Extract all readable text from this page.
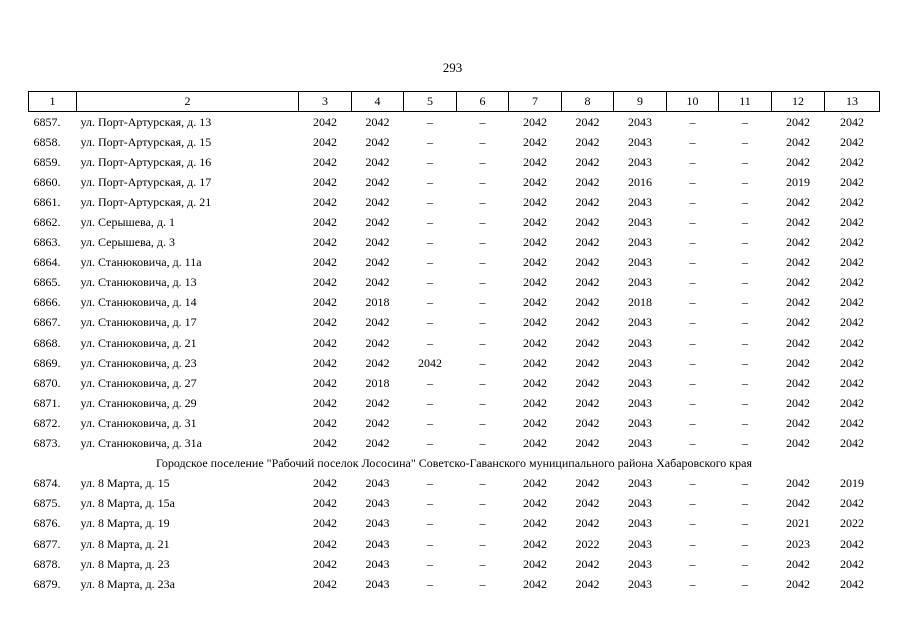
293
1	2	3	4	5	6	7	8	9	10	11	12	13
6857.	ул. Порт-Артурская, д. 13	2042	2042	–	–	2042	2042	2043	–	–	2042	2042
6858.	ул. Порт-Артурская, д. 15	2042	2042	–	–	2042	2042	2043	–	–	2042	2042
6859.	ул. Порт-Артурская, д. 16	2042	2042	–	–	2042	2042	2043	–	–	2042	2042
6860.	ул. Порт-Артурская, д. 17	2042	2042	–	–	2042	2042	2016	–	–	2019	2042
6861.	ул. Порт-Артурская, д. 21	2042	2042	–	–	2042	2042	2043	–	–	2042	2042
6862.	ул. Серышева, д. 1	2042	2042	–	–	2042	2042	2043	–	–	2042	2042
6863.	ул. Серышева, д. 3	2042	2042	–	–	2042	2042	2043	–	–	2042	2042
6864.	ул. Станюковича, д. 11а	2042	2042	–	–	2042	2042	2043	–	–	2042	2042
6865.	ул. Станюковича, д. 13	2042	2042	–	–	2042	2042	2043	–	–	2042	2042
6866.	ул. Станюковича, д. 14	2042	2018	–	–	2042	2042	2018	–	–	2042	2042
6867.	ул. Станюковича, д. 17	2042	2042	–	–	2042	2042	2043	–	–	2042	2042
6868.	ул. Станюковича, д. 21	2042	2042	–	–	2042	2042	2043	–	–	2042	2042
6869.	ул. Станюковича, д. 23	2042	2042	2042	–	2042	2042	2043	–	–	2042	2042
6870.	ул. Станюковича, д. 27	2042	2018	–	–	2042	2042	2043	–	–	2042	2042
6871.	ул. Станюковича, д. 29	2042	2042	–	–	2042	2042	2043	–	–	2042	2042
6872.	ул. Станюковича, д. 31	2042	2042	–	–	2042	2042	2043	–	–	2042	2042
6873.	ул. Станюковича, д. 31а	2042	2042	–	–	2042	2042	2043	–	–	2042	2042
Городское поселение "Рабочий поселок Лососина" Советско-Гаванского муниципального района Хабаровского края												
6874.	ул. 8 Марта, д. 15	2042	2043	–	–	2042	2042	2043	–	–	2042	2019
6875.	ул. 8 Марта, д. 15а	2042	2043	–	–	2042	2042	2043	–	–	2042	2042
6876.	ул. 8 Марта, д. 19	2042	2043	–	–	2042	2042	2043	–	–	2021	2022
6877.	ул. 8 Марта, д. 21	2042	2043	–	–	2042	2022	2043	–	–	2023	2042
6878.	ул. 8 Марта, д. 23	2042	2043	–	–	2042	2042	2043	–	–	2042	2042
6879.	ул. 8 Марта, д. 23а	2042	2043	–	–	2042	2042	2043	–	–	2042	2042
